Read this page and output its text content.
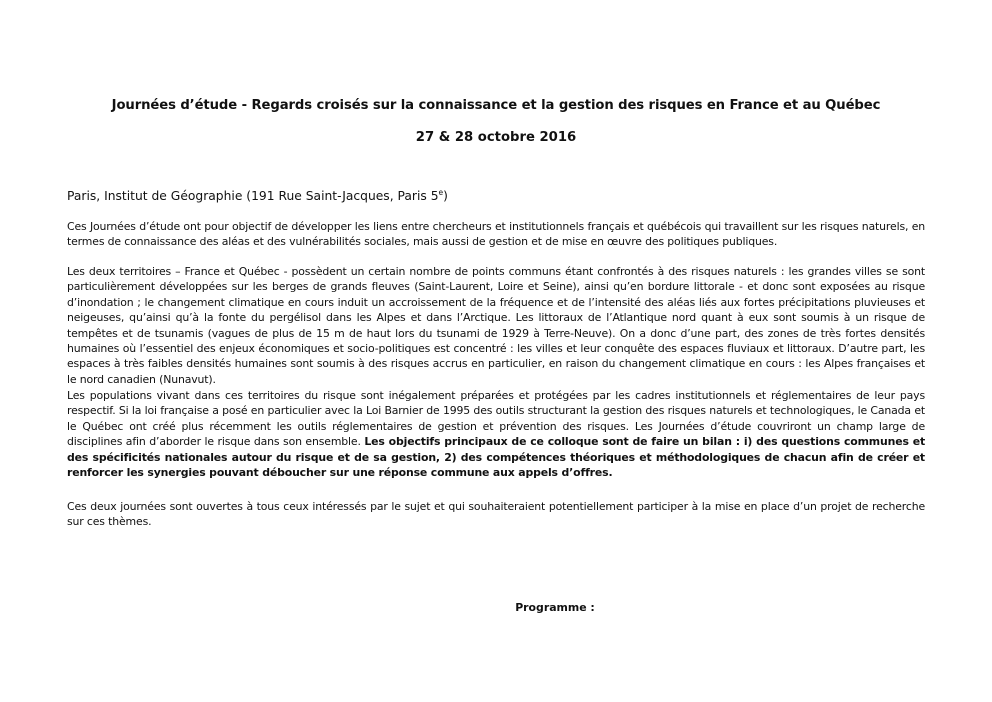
Journées d’étude - Regards croisés sur la connaissance et la gestion des risques en France et au Québec
27 & 28 octobre 2016
Paris, Institut de Géographie (191 Rue Saint-Jacques, Paris 5e)

Ces Journées d’étude ont pour objectif de développer les liens entre chercheurs et institutionnels français et québécois qui travaillent sur les risques naturels, en termes de connaissance des aléas et des vulnérabilités sociales, mais aussi de gestion et de mise en œuvre des politiques publiques.

Les deux territoires – France et Québec - possèdent un certain nombre de points communs étant confrontés à des risques naturels : les grandes villes se sont particulièrement développées sur les berges de grands fleuves (Saint-Laurent, Loire et Seine), ainsi qu’en bordure littorale - et donc sont exposées au risque d’inondation ; le changement climatique en cours induit un accroissement de la fréquence et de l’intensité des aléas liés aux fortes précipitations pluvieuses et neigeuses, qu’ainsi qu’à la fonte du pergélisol dans les Alpes et dans l’Arctique. Les littoraux de l’Atlantique nord quant à eux sont soumis à un risque de tempêtes et de tsunamis (vagues de plus de 15 m de haut lors du tsunami de 1929 à Terre-Neuve). On a donc d’une part, des zones de très fortes densités humaines où l’essentiel des enjeux économiques et socio-politiques est concentré : les villes et leur conquête des espaces fluviaux et littoraux. D’autre part, les espaces à très faibles densités humaines sont soumis à des risques accrus en particulier, en raison du changement climatique en cours : les Alpes françaises et le nord canadien (Nunavut).

Les populations vivant dans ces territoires du risque sont inégalement préparées et protégées par les cadres institutionnels et réglementaires de leur pays respectif. Si la loi française a posé en particulier avec la Loi Barnier de 1995 des outils structurant la gestion des risques naturels et technologiques, le Canada et le Québec ont créé plus récemment les outils réglementaires de gestion et prévention des risques. Les Journées d’étude couvriront un champ large de disciplines afin d’aborder le risque dans son ensemble. Les objectifs principaux de ce colloque sont de faire un bilan : i) des questions communes et des spécificités nationales autour du risque et de sa gestion, 2) des compétences théoriques et méthodologiques de chacun afin de créer et renforcer les synergies pouvant déboucher sur une réponse commune aux appels d’offres.

Ces deux journées sont ouvertes à tous ceux intéressés par le sujet et qui souhaiteraient potentiellement participer à la mise en place d’un projet de recherche sur ces thèmes.

Programme :
